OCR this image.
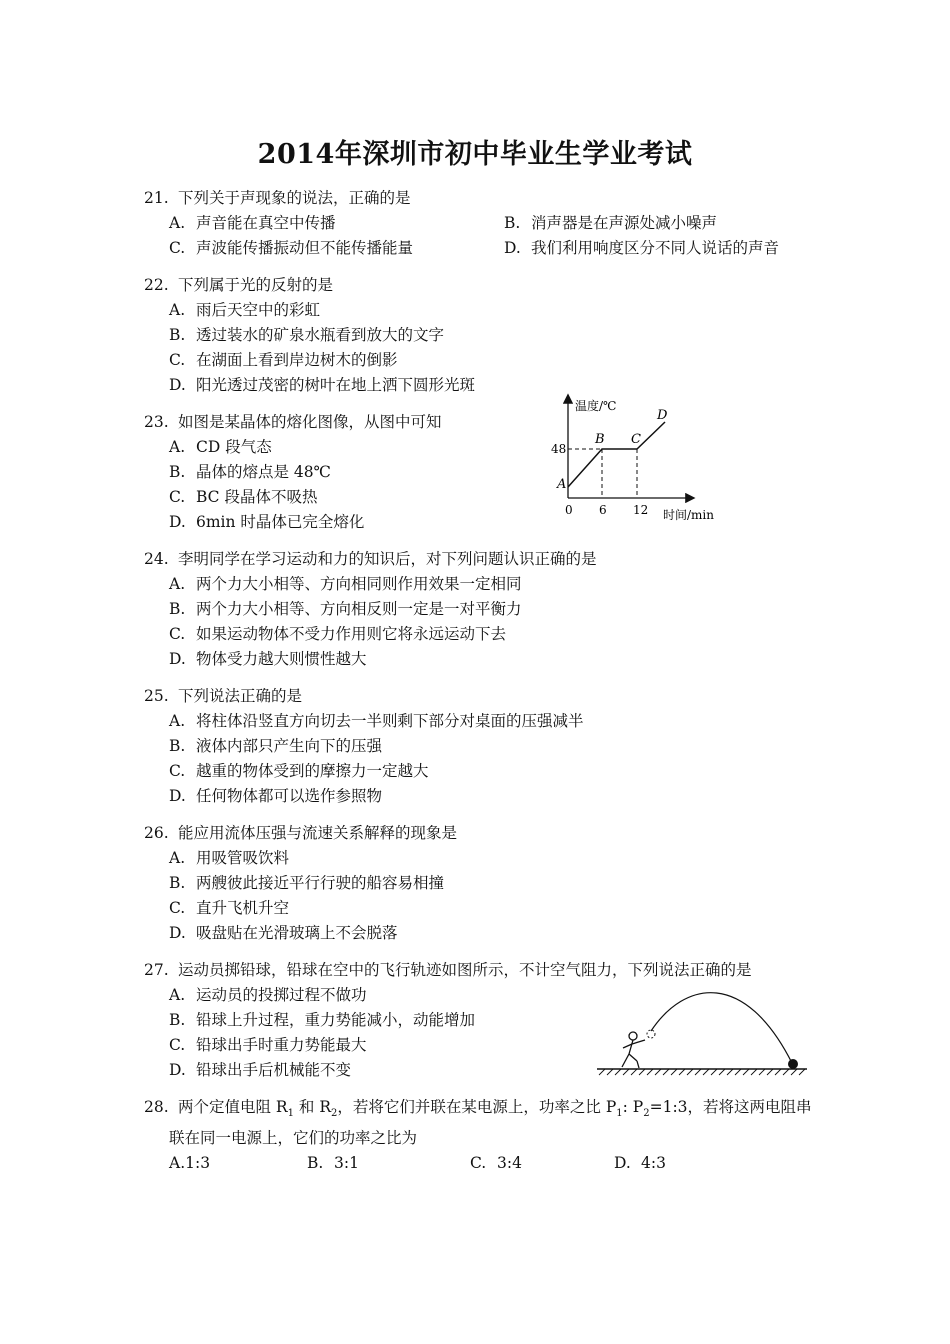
2014年深圳市初中毕业生学业考试
21. 下列关于声现象的说法，正确的是
A. 声音能在真空中传播	B. 消声器是在声源处减小噪声
C. 声波能传播振动但不能传播能量	D. 我们利用响度区分不同人说话的声音
22. 下列属于光的反射的是
A. 雨后天空中的彩虹
B. 透过装水的矿泉水瓶看到放大的文字
C. 在湖面上看到岸边树木的倒影
D. 阳光透过茂密的树叶在地上洒下圆形光斑
23. 如图是某晶体的熔化图像，从图中可知
A. CD 段气态
B. 晶体的熔点是 48℃
C. BC 段晶体不吸热
D. 6min 时晶体已完全熔化
温度/℃
时间/min
0
48
6 12
A
B C
D
24. 李明同学在学习运动和力的知识后，对下列问题认识正确的是
A. 两个力大小相等、方向相同则作用效果一定相同
B. 两个力大小相等、方向相反则一定是一对平衡力
C. 如果运动物体不受力作用则它将永远运动下去
D. 物体受力越大则惯性越大
25. 下列说法正确的是
A. 将柱体沿竖直方向切去一半则剩下部分对桌面的压强减半
B. 液体内部只产生向下的压强
C. 越重的物体受到的摩擦力一定越大
D. 任何物体都可以选作参照物
26. 能应用流体压强与流速关系解释的现象是
A. 用吸管吸饮料
B. 两艘彼此接近平行行驶的船容易相撞
C. 直升飞机升空
D. 吸盘贴在光滑玻璃上不会脱落
27. 运动员掷铅球，铅球在空中的飞行轨迹如图所示，不计空气阻力，下列说法正确的是
A. 运动员的投掷过程不做功
B. 铅球上升过程，重力势能减小，动能增加
C. 铅球出手时重力势能最大
D. 铅球出手后机械能不变
28. 两个定值电阻 $R_1$ 和 $R_2$，若将它们并联在某电源上，功率之比 $P_1$: $P_2=1:3$，若将这两电阻串
联在同一电源上，它们的功率之比为
A.1:3	B. 3:1	C. 3:4	D. 4:3
